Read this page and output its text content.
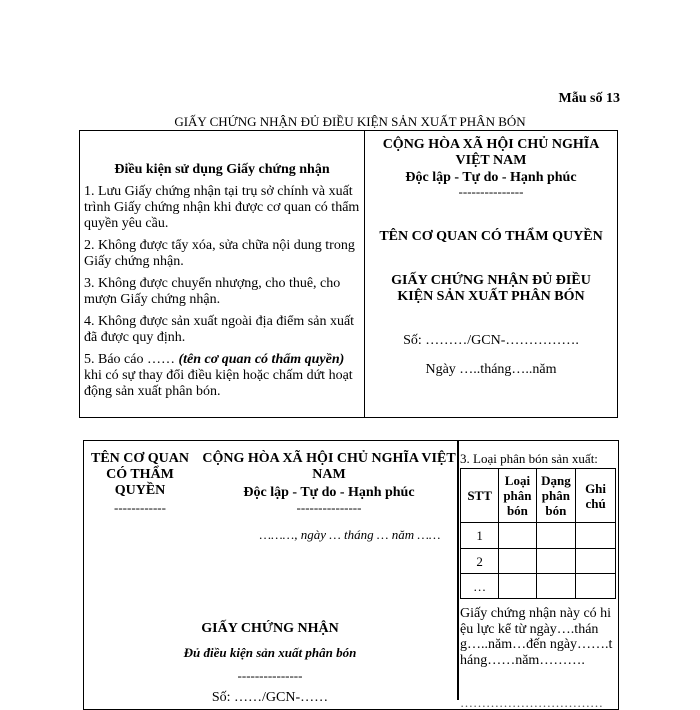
Mẫu số 13
GIẤY CHỨNG NHẬN ĐỦ ĐIỀU KIỆN SẢN XUẤT PHÂN BÓN

Điều kiện sử dụng Giấy chứng nhận

1. Lưu Giấy chứng nhận tại trụ sở chính và xuất trình Giấy chứng nhận khi được cơ quan có thẩm quyền yêu cầu.

2. Không được tẩy xóa, sửa chữa nội dung trong Giấy chứng nhận.

3. Không được chuyển nhượng, cho thuê, cho mượn Giấy chứng nhận.

4. Không được sản xuất ngoài địa điểm sản xuất đã được quy định.

5. Báo cáo …… (tên cơ quan có thẩm quyền) khi có sự thay đổi điều kiện hoặc chấm dứt hoạt động sản xuất phân bón.

CỘNG HÒA XÃ HỘI CHỦ NGHĨA VIỆT NAM

Độc lập - Tự do - Hạnh phúc

---------------

TÊN CƠ QUAN CÓ THẨM QUYỀN

GIẤY CHỨNG NHẬN ĐỦ ĐIỀU KIỆN SẢN XUẤT PHÂN BÓN

Số: ………/GCN-…………….

Ngày …..tháng…..năm

TÊN CƠ QUAN CÓ THẨM QUYỀN
------------
CỘNG HÒA XÃ HỘI CHỦ NGHĨA VIỆT NAM
Độc lập - Tự do - Hạnh phúc
---------------
………, ngày … tháng … năm ……
GIẤY CHỨNG NHẬN
Đủ điều kiện sản xuất phân bón
---------------
Số: ……/GCN-……
3. Loại phân bón sản xuất:
STT	Loại phân bón	Dạng phân bón	Ghi chú
1			
2			
…			
Giấy chứng nhận này có hiệu lực kể từ ngày….tháng…..năm…đến ngày…….tháng……năm……….
……………………………
